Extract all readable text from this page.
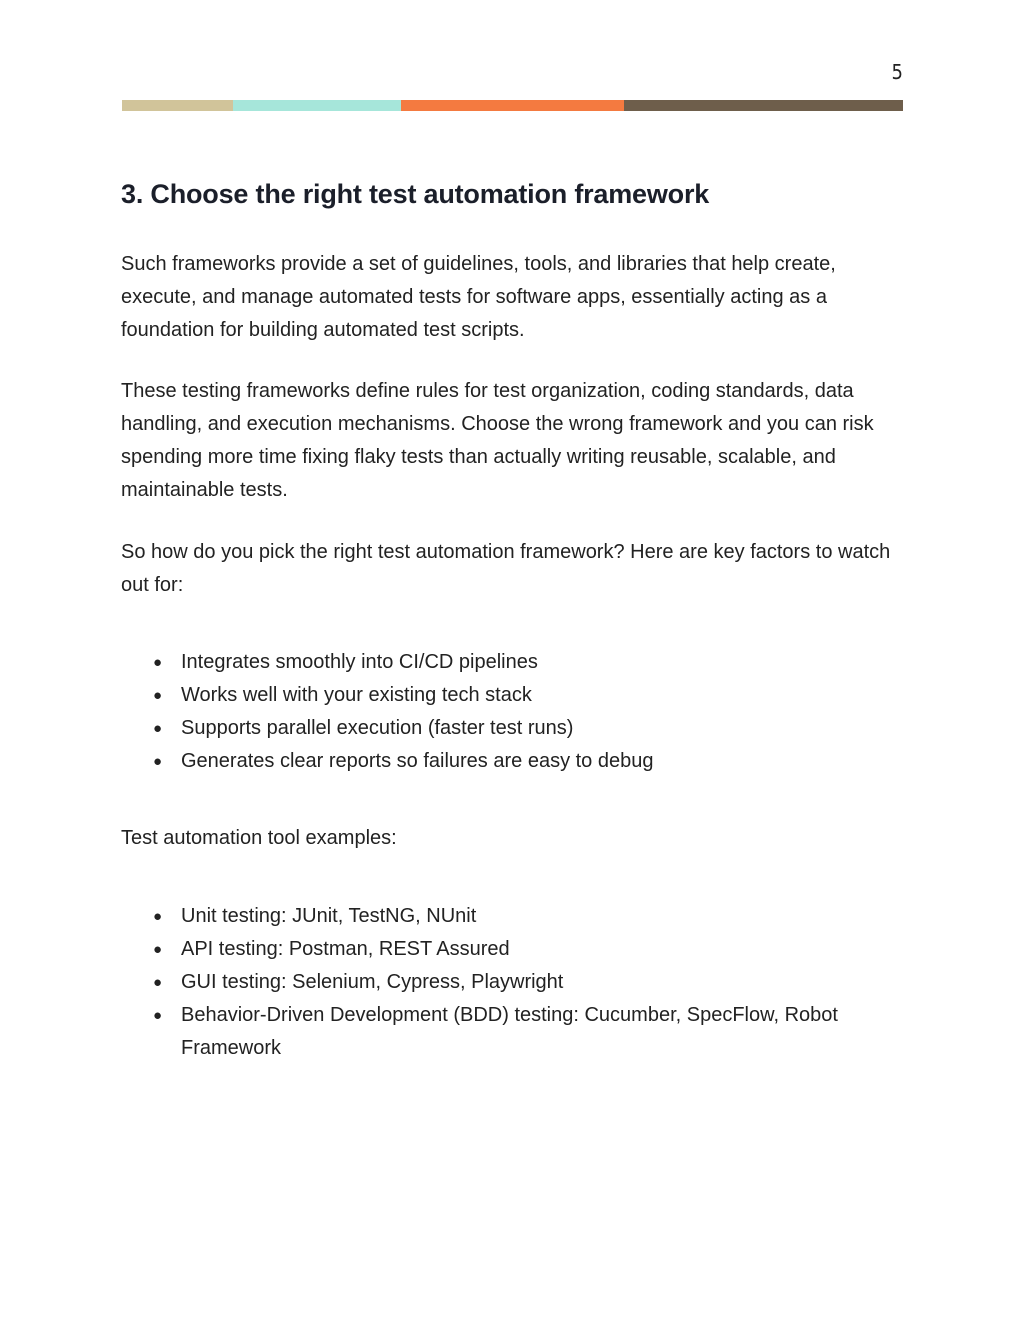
5
3. Choose the right test automation framework

Such frameworks provide a set of guidelines, tools, and libraries that help create, execute, and manage automated tests for software apps, essentially acting as a foundation for building automated test scripts.

These testing frameworks define rules for test organization, coding standards, data handling, and execution mechanisms. Choose the wrong framework and you can risk spending more time fixing flaky tests than actually writing reusable, scalable, and maintainable tests.

So how do you pick the right test automation framework? Here are key factors to watch out for:

● Integrates smoothly into CI/CD pipelines
● Works well with your existing tech stack
● Supports parallel execution (faster test runs)
● Generates clear reports so failures are easy to debug

Test automation tool examples:

● Unit testing: JUnit, TestNG, NUnit
● API testing: Postman, REST Assured
● GUI testing: Selenium, Cypress, Playwright
● Behavior-Driven Development (BDD) testing: Cucumber, SpecFlow, Robot Framework
